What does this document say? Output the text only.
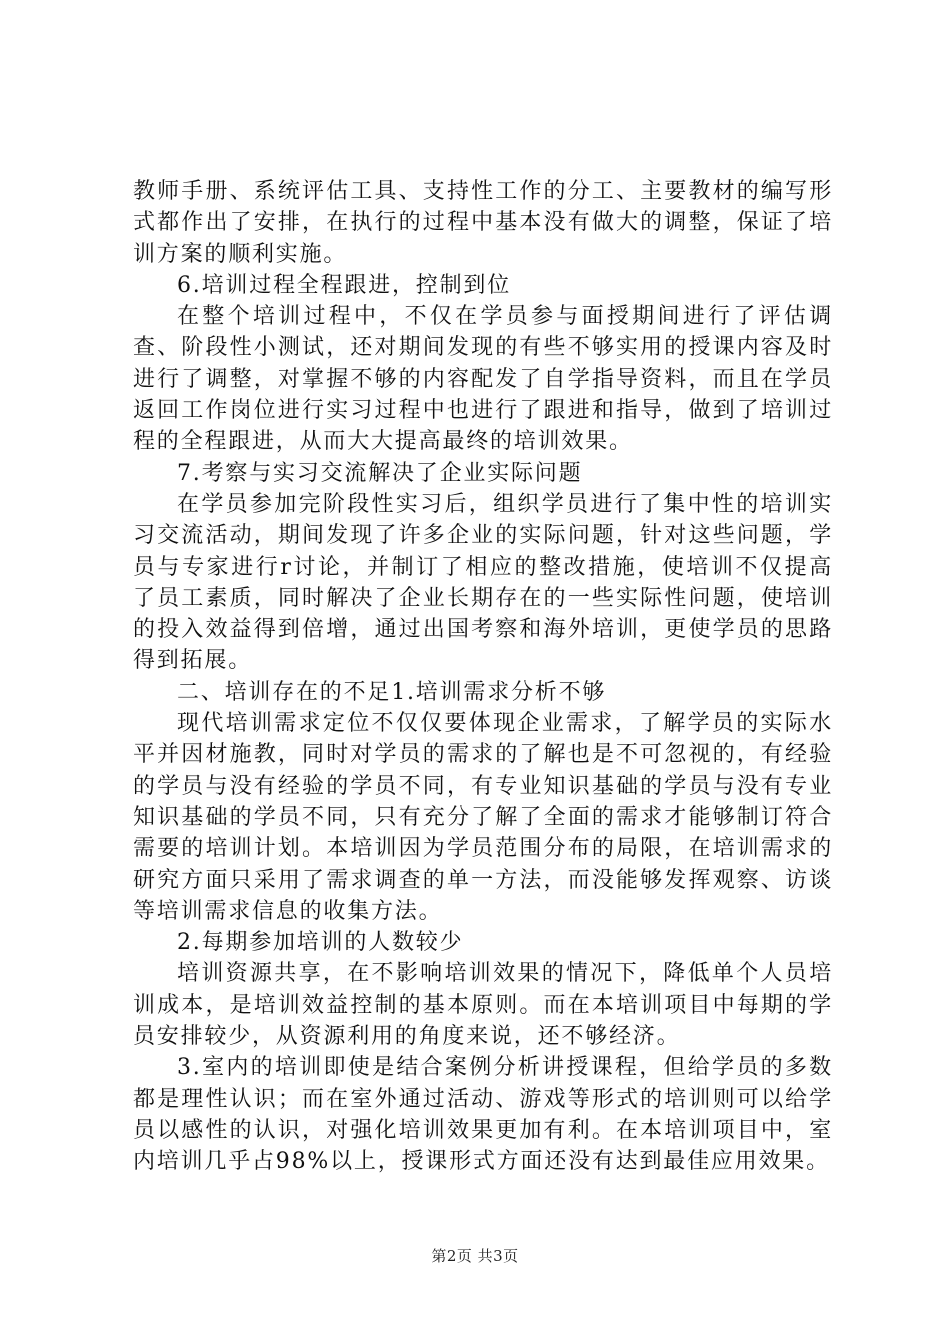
教师手册、系统评估工具、支持性工作的分工、主要教材的编写形式都作出了安排，在执行的过程中基本没有做大的调整，保证了培训方案的顺利实施。

6.培训过程全程跟进，控制到位

在整个培训过程中，不仅在学员参与面授期间进行了评估调查、阶段性小测试，还对期间发现的有些不够实用的授课内容及时进行了调整，对掌握不够的内容配发了自学指导资料，而且在学员返回工作岗位进行实习过程中也进行了跟进和指导，做到了培训过程的全程跟进，从而大大提高最终的培训效果。

7.考察与实习交流解决了企业实际问题

在学员参加完阶段性实习后，组织学员进行了集中性的培训实习交流活动，期间发现了许多企业的实际问题，针对这些问题，学员与专家进行r讨论，并制订了相应的整改措施，使培训不仅提高了员工素质，同时解决了企业长期存在的一些实际性问题，使培训的投入效益得到倍增，通过出国考察和海外培训，更使学员的思路得到拓展。

二、培训存在的不足1.培训需求分析不够

现代培训需求定位不仅仅要体现企业需求，了解学员的实际水平并因材施教，同时对学员的需求的了解也是不可忽视的，有经验的学员与没有经验的学员不同，有专业知识基础的学员与没有专业知识基础的学员不同，只有充分了解了全面的需求才能够制订符合需要的培训计划。本培训因为学员范围分布的局限，在培训需求的研究方面只采用了需求调查的单一方法，而没能够发挥观察、访谈等培训需求信息的收集方法。

2.每期参加培训的人数较少

培训资源共享，在不影响培训效果的情况下，降低单个人员培训成本，是培训效益控制的基本原则。而在本培训项目中每期的学员安排较少，从资源利用的角度来说，还不够经济。

3.室内的培训即使是结合案例分析讲授课程，但给学员的多数都是理性认识；而在室外通过活动、游戏等形式的培训则可以给学员以感性的认识，对强化培训效果更加有利。在本培训项目中，室内培训几乎占98%以上，授课形式方面还没有达到最佳应用效果。

第2页 共3页
